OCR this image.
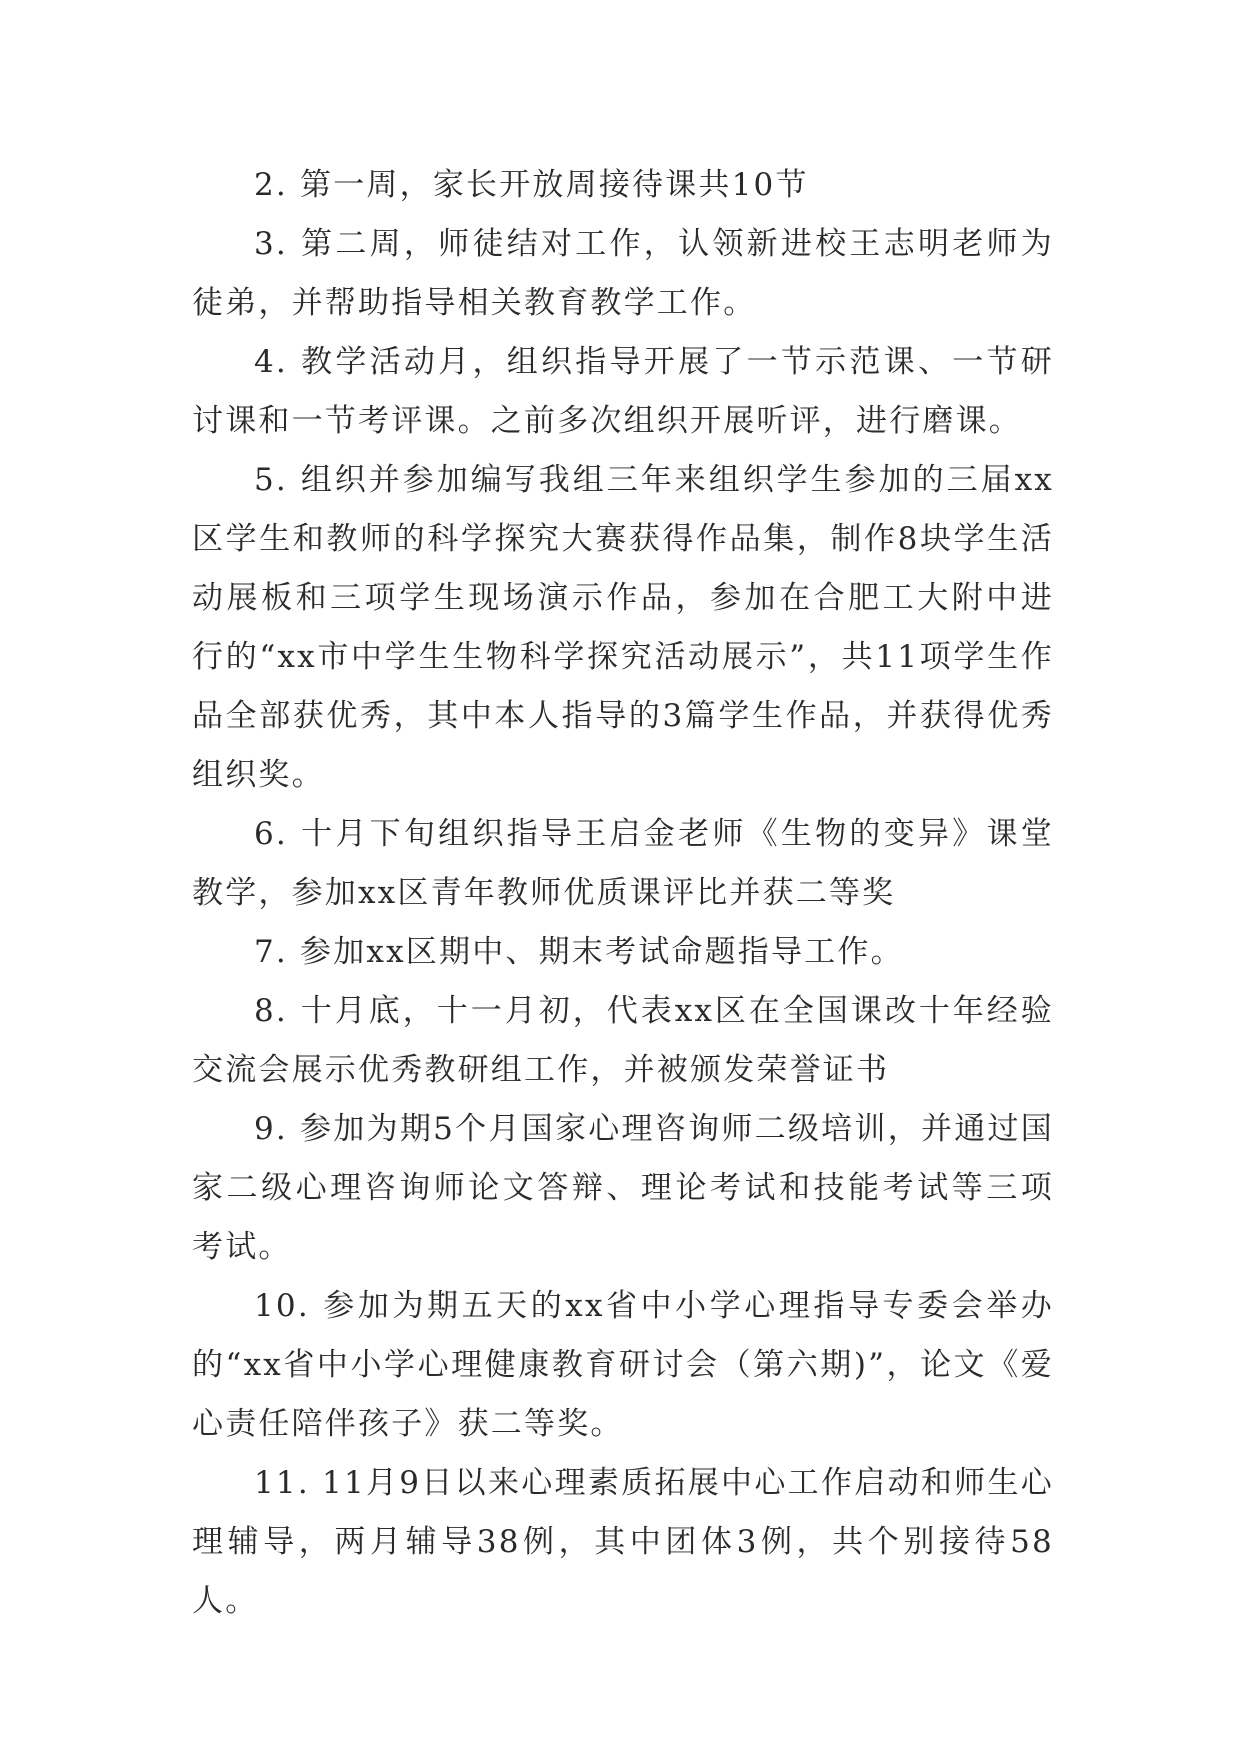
2. 第一周，家长开放周接待课共10节

3. 第二周，师徒结对工作，认领新进校王志明老师为徒弟，并帮助指导相关教育教学工作。

4. 教学活动月，组织指导开展了一节示范课、一节研讨课和一节考评课。之前多次组织开展听评，进行磨课。

5. 组织并参加编写我组三年来组织学生参加的三届xx区学生和教师的科学探究大赛获得作品集，制作8块学生活动展板和三项学生现场演示作品，参加在合肥工大附中进行的“xx市中学生生物科学探究活动展示”，共11项学生作品全部获优秀，其中本人指导的3篇学生作品，并获得优秀组织奖。

6. 十月下旬组织指导王启金老师《生物的变异》课堂教学，参加xx区青年教师优质课评比并获二等奖

7. 参加xx区期中、期末考试命题指导工作。

8. 十月底，十一月初，代表xx区在全国课改十年经验交流会展示优秀教研组工作，并被颁发荣誉证书

9. 参加为期5个月国家心理咨询师二级培训，并通过国家二级心理咨询师论文答辩、理论考试和技能考试等三项考试。

10. 参加为期五天的xx省中小学心理指导专委会举办的“xx省中小学心理健康教育研讨会（第六期)”，论文《爱心责任陪伴孩子》获二等奖。

11. 11月9日以来心理素质拓展中心工作启动和师生心理辅导，两月辅导38例，其中团体3例，共个别接待58人。
